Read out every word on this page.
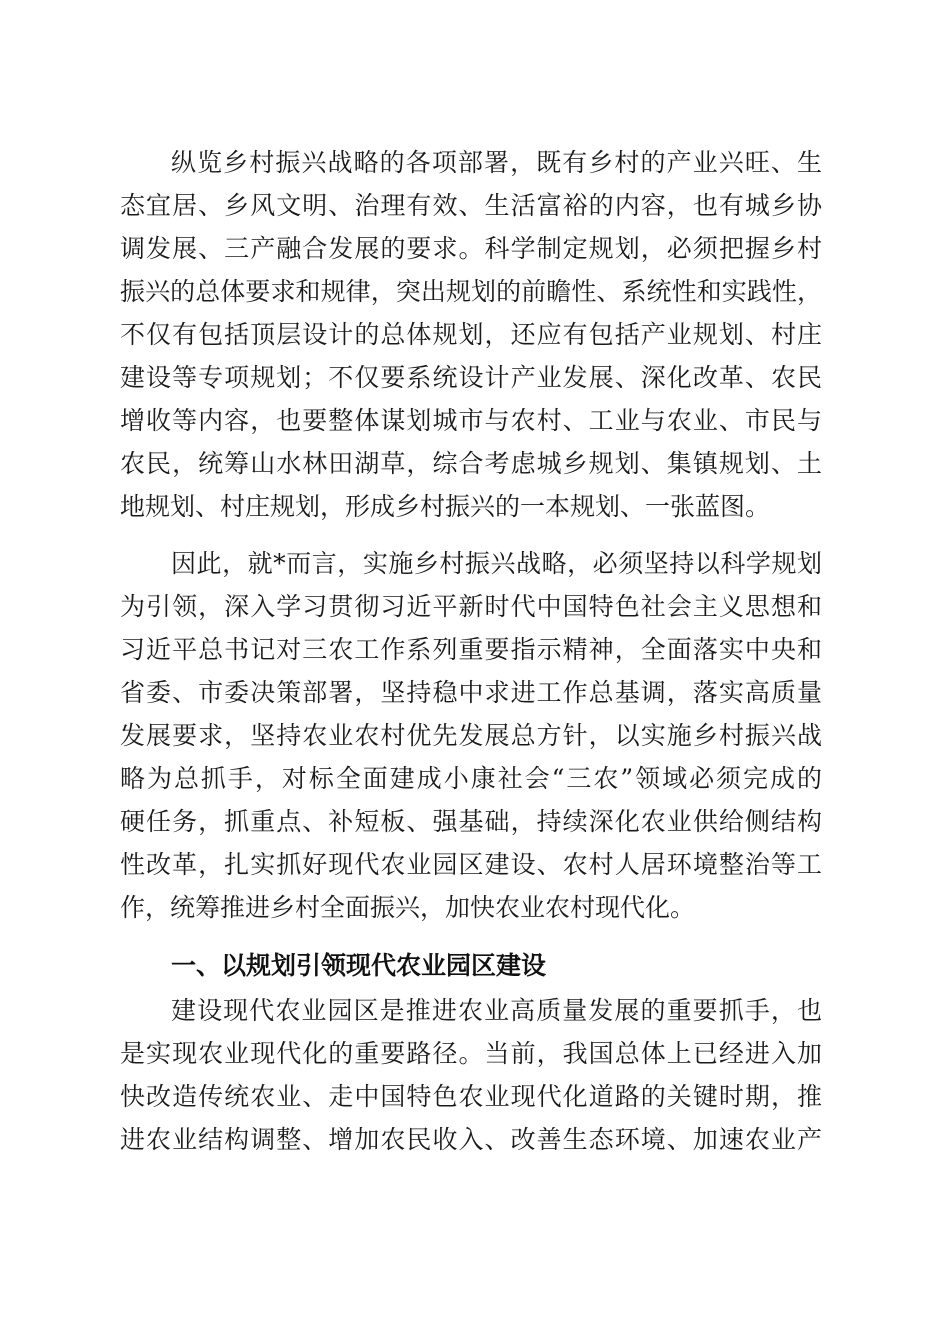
纵览乡村振兴战略的各项部署，既有乡村的产业兴旺、生
态宜居、乡风文明、治理有效、生活富裕的内容，也有城乡协
调发展、三产融合发展的要求。科学制定规划，必须把握乡村
振兴的总体要求和规律，突出规划的前瞻性、系统性和实践性，
不仅有包括顶层设计的总体规划，还应有包括产业规划、村庄
建设等专项规划；不仅要系统设计产业发展、深化改革、农民
增收等内容，也要整体谋划城市与农村、工业与农业、市民与
农民，统筹山水林田湖草，综合考虑城乡规划、集镇规划、土
地规划、村庄规划，形成乡村振兴的一本规划、一张蓝图。
因此，就*而言，实施乡村振兴战略，必须坚持以科学规划
为引领，深入学习贯彻习近平新时代中国特色社会主义思想和
习近平总书记对三农工作系列重要指示精神，全面落实中央和
省委、市委决策部署，坚持稳中求进工作总基调，落实高质量
发展要求，坚持农业农村优先发展总方针，以实施乡村振兴战
略为总抓手，对标全面建成小康社会“三农”领域必须完成的
硬任务，抓重点、补短板、强基础，持续深化农业供给侧结构
性改革，扎实抓好现代农业园区建设、农村人居环境整治等工
作，统筹推进乡村全面振兴，加快农业农村现代化。
一、以规划引领现代农业园区建设
建设现代农业园区是推进农业高质量发展的重要抓手，也
是实现农业现代化的重要路径。当前，我国总体上已经进入加
快改造传统农业、走中国特色农业现代化道路的关键时期，推
进农业结构调整、增加农民收入、改善生态环境、加速农业产
